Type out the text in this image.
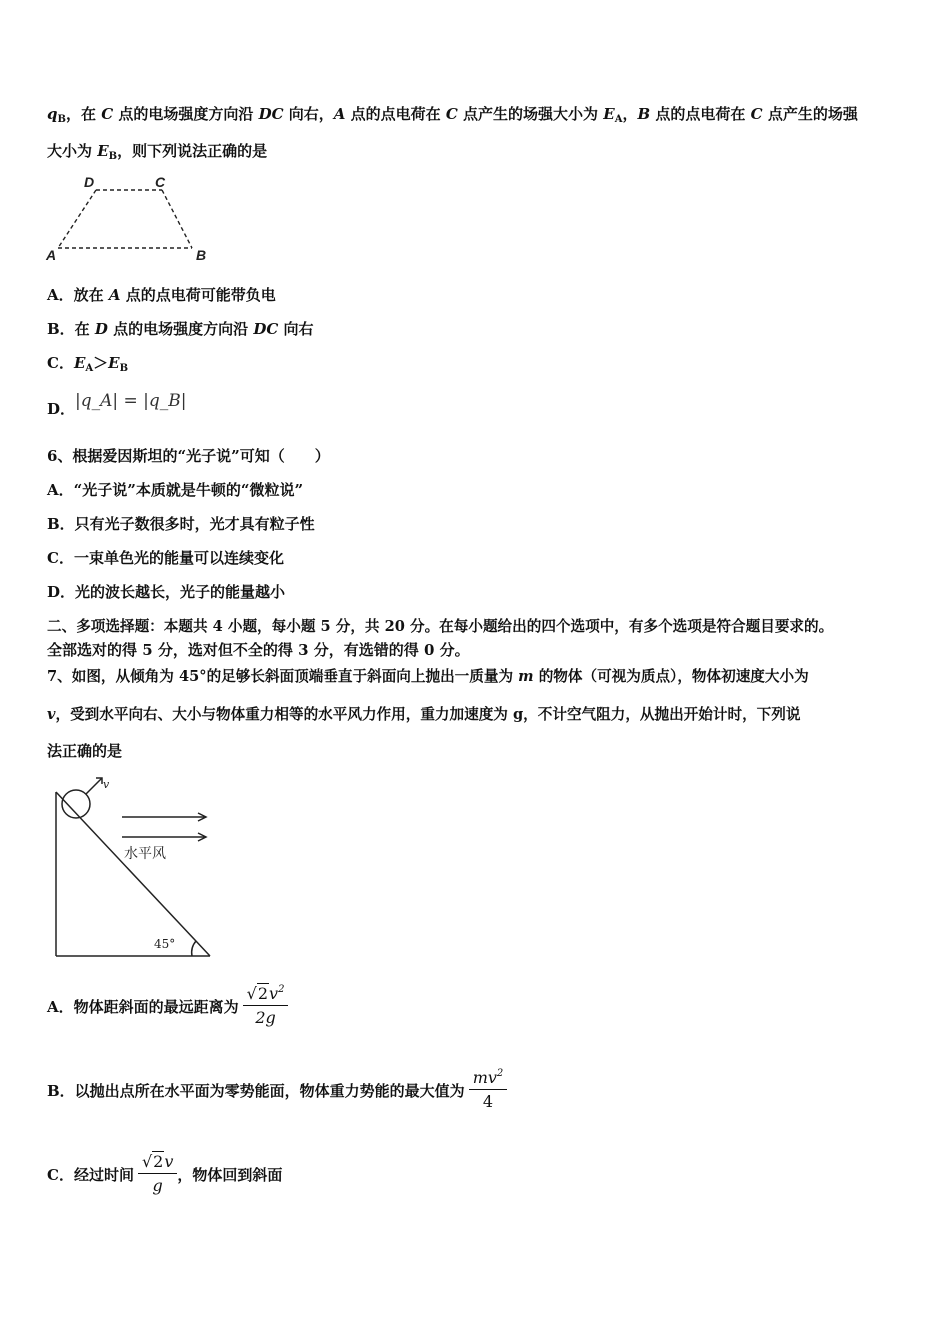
$q_B$，在 C 点的电场强度方向沿 DC 向右，A 点的点电荷在 C 点产生的场强大小为 $E_A$，B 点的点电荷在 C 点产生的场强
大小为 $E_B$，则下列说法正确的是
D	C
A	B
A．放在 A 点的点电荷可能带负电
B．在 D 点的电场强度方向沿 DC 向右
C．$E_A>E_B$
D．|q_A| = |q_B|
6、根据爱因斯坦的“光子说”可知（　　）
A．“光子说”本质就是牛顿的“微粒说”
B．只有光子数很多时，光才具有粒子性
C．一束单色光的能量可以连续变化
D．光的波长越长，光子的能量越小
二、多项选择题：本题共 4 小题，每小题 5 分，共 20 分。在每小题给出的四个选项中，有多个选项是符合题目要求的。
全部选对的得 5 分，选对但不全的得 3 分，有选错的得 0 分。
7、如图，从倾角为 45°的足够长斜面顶端垂直于斜面向上抛出一质量为 m 的物体（可视为质点），物体初速度大小为
v，受到水平向右、大小与物体重力相等的水平风力作用，重力加速度为 g，不计空气阻力，从抛出开始计时，下列说
法正确的是
v
水平风
45°
A．物体距斜面的最远距离为 $\frac{√2v^2}{2g}$
B．以抛出点所在水平面为零势能面，物体重力势能的最大值为 $\frac{mv^2}{4}$
C．经过时间 $\frac{√2v}{g}$ ，物体回到斜面
